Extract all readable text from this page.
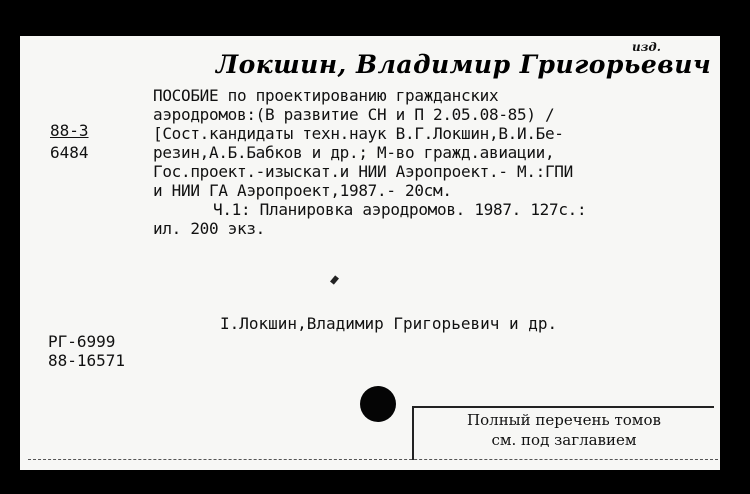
Локшин, Владимир Григорьевич
изд.
88-3
6484
ПОСОБИЕ по проектированию гражданских
аэродромов:(В развитие СН и П 2.05.08-85) /
[Сост.кандидаты техн.наук В.Г.Локшин,В.И.Бе-
резин,А.Б.Бабков и др.; М-во гражд.авиации,
Гос.проект.-изыскат.и НИИ Аэропроект.- М.:ГПИ
и НИИ ГА Аэропроект,1987.- 20см.
Ч.1: Планировка аэродромов. 1987. 127с.:
ил. 200 экз.
I.Локшин,Владимир Григорьевич и др.
РГ-6999
88-16571
Полный перечень томов
см. под заглавием
